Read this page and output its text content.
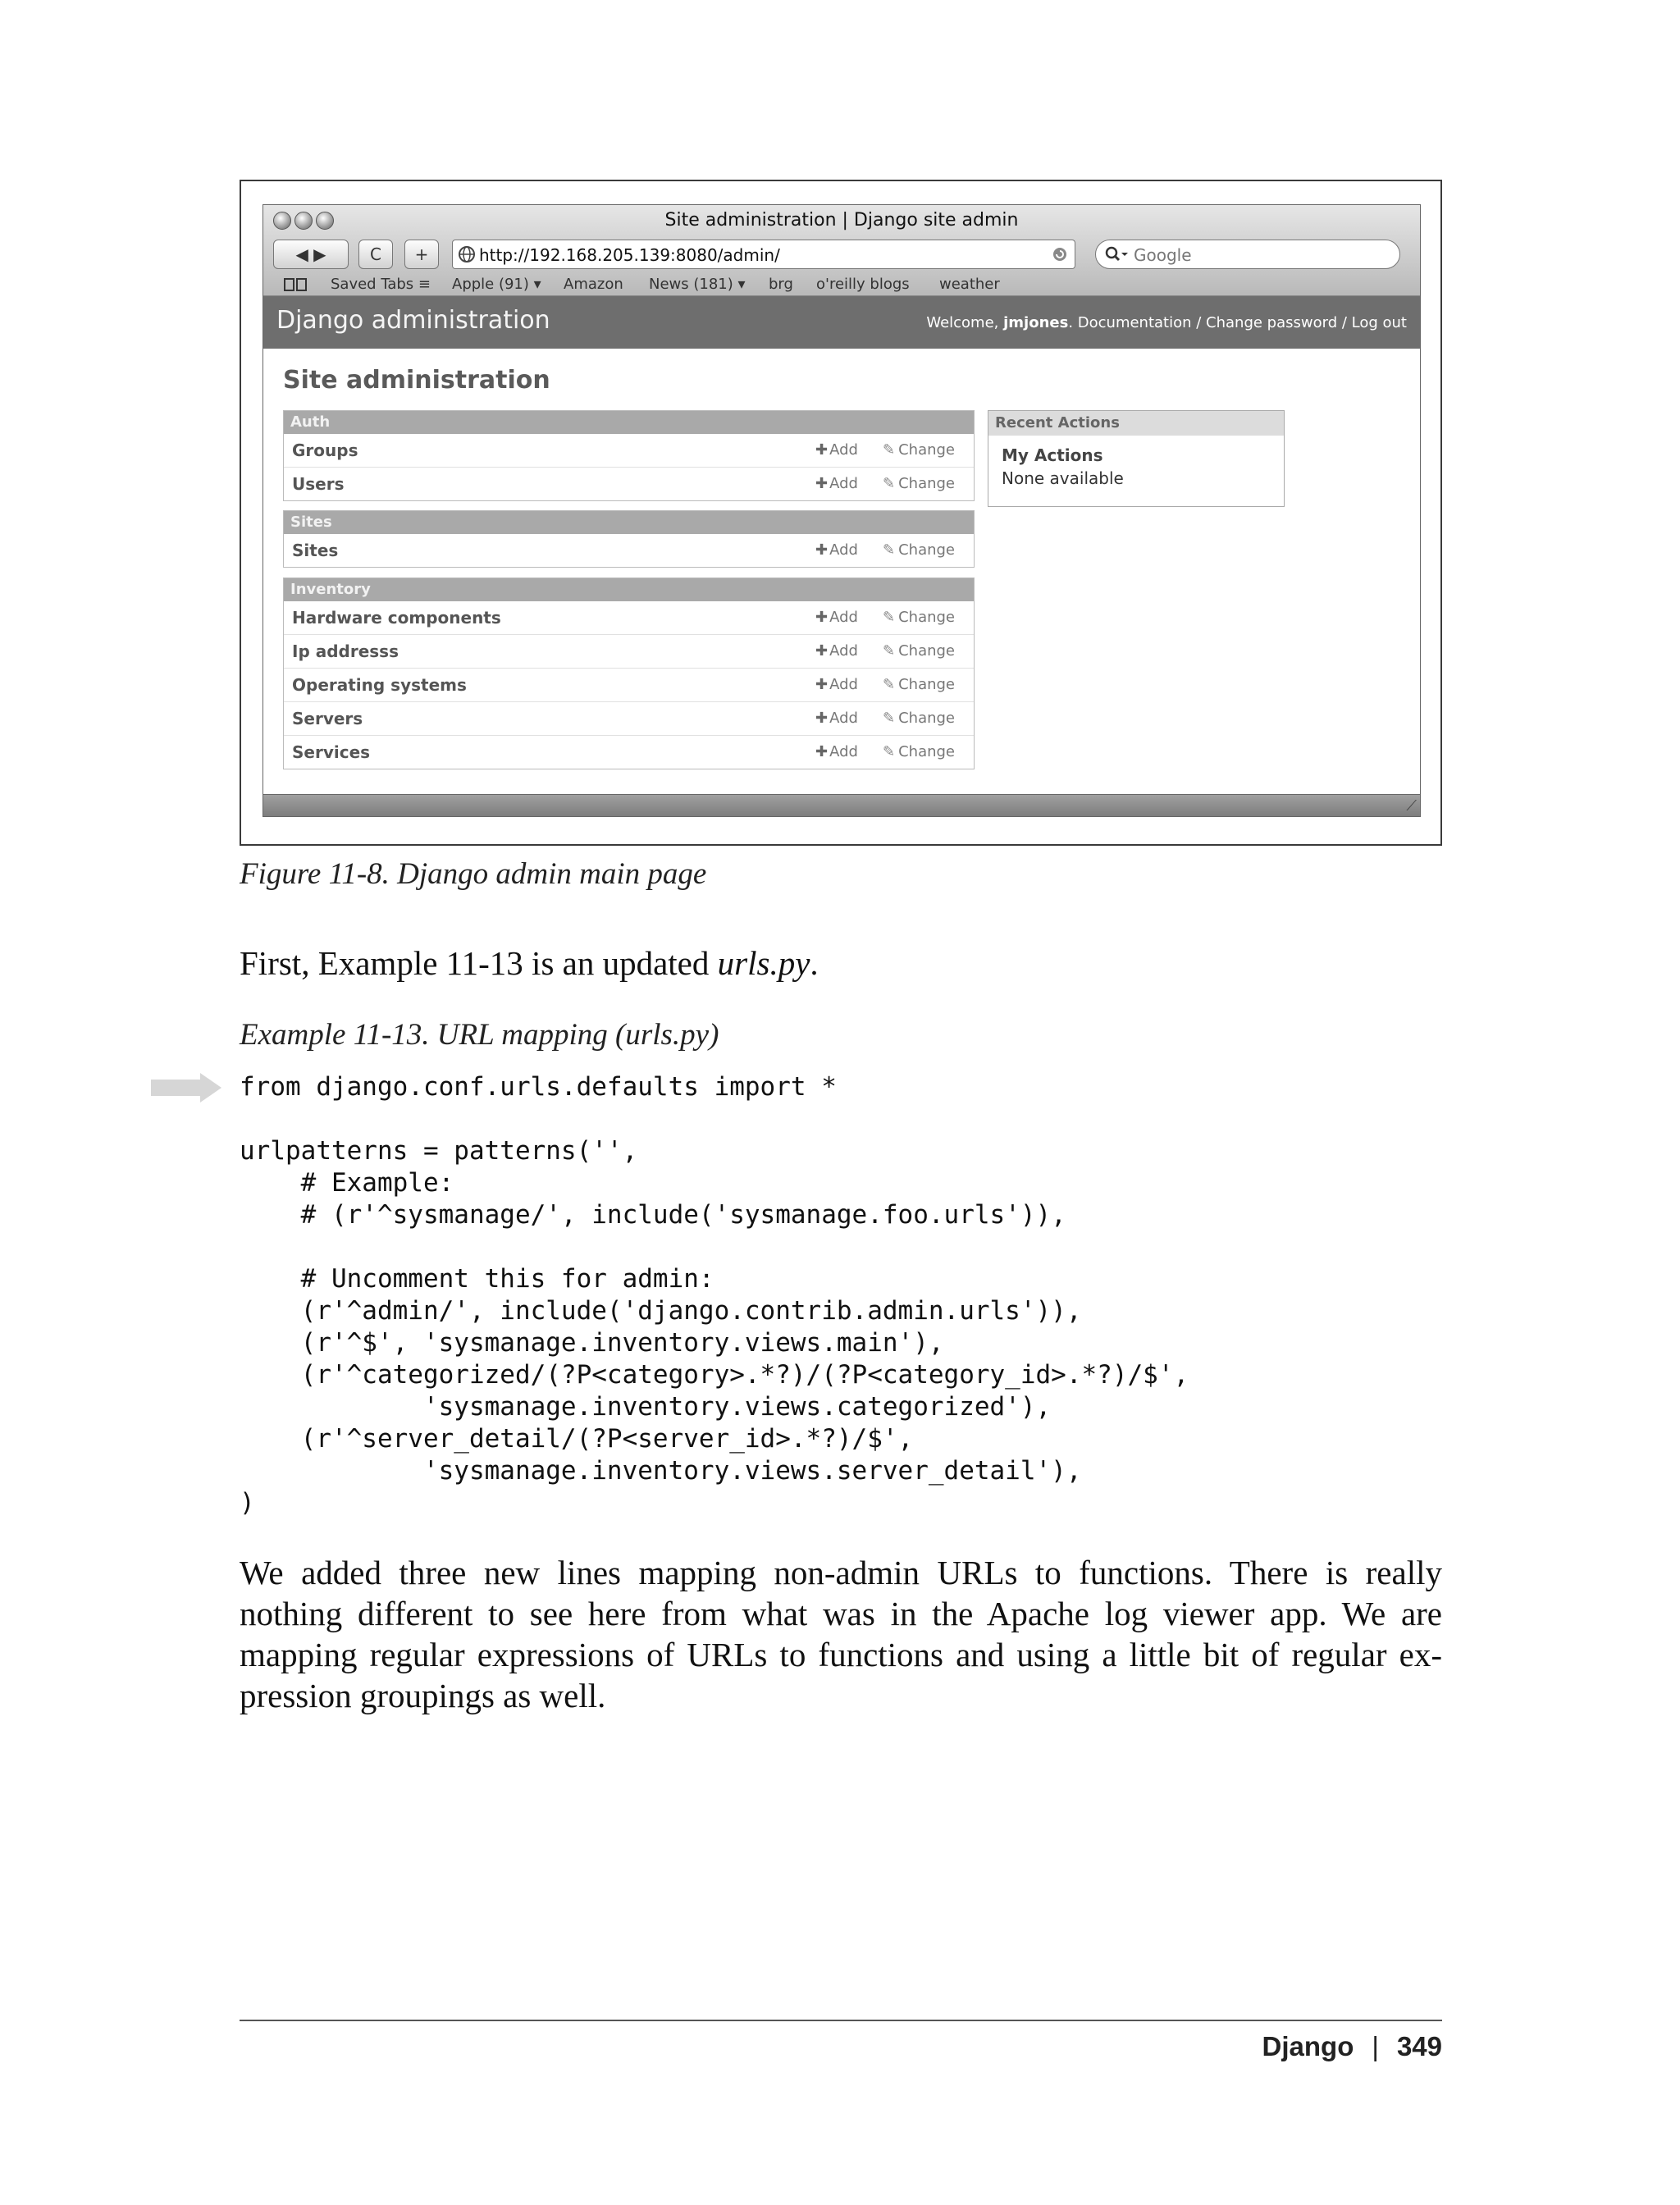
Site administration | Django site admin
◀ ▶	C	+	http://192.168.205.139:8080/admin/	Google
Saved Tabs ≡ Apple (91) ▾ Amazon News (181) ▾ brg o'reilly blogs weather
Django administration	Welcome, jmjones. Documentation / Change password / Log out
Site administration
Auth
Groups	✚ Add ✎ Change
Users	✚ Add ✎ Change
Sites
Sites	✚ Add ✎ Change
Inventory
Hardware components	✚ Add ✎ Change
Ip addresss	✚ Add ✎ Change
Operating systems	✚ Add ✎ Change
Servers	✚ Add ✎ Change
Services	✚ Add ✎ Change
Recent Actions
My Actions
None available
⟋
Figure 11-8. Django admin main page
First, Example 11-13 is an updated urls.py.
Example 11-13. URL mapping (urls.py)
from django.conf.urls.defaults import *

urlpatterns = patterns('',
# Example:
# (r'^sysmanage/', include('sysmanage.foo.urls')),

# Uncomment this for admin:
(r'^admin/', include('django.contrib.admin.urls')),
(r'^$', 'sysmanage.inventory.views.main'),
(r'^categorized/(?P<category>.*?)/(?P<category_id>.*?)/$',
'sysmanage.inventory.views.categorized'),
(r'^server_detail/(?P<server_id>.*?)/$',
'sysmanage.inventory.views.server_detail'),
)
We added three new lines mapping non-admin URLs to functions. There is really nothing different to see here from what was in the Apache log viewer app. We are mapping regular expressions of URLs to functions and using a little bit of regular expression groupings as well.
Django | 349
